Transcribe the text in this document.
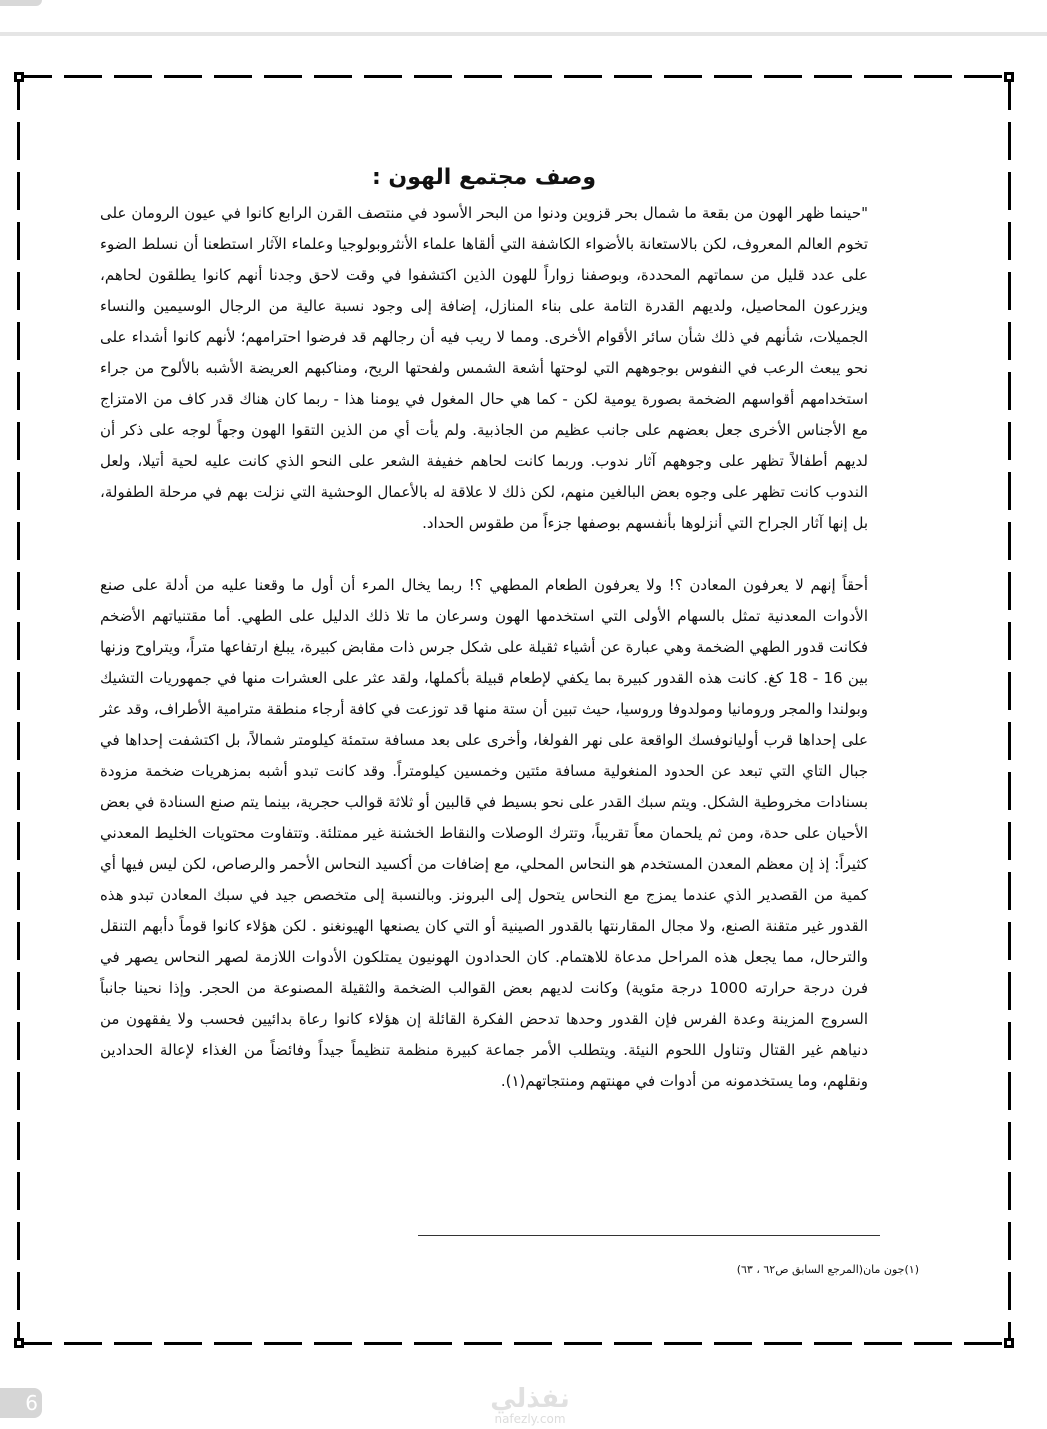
وصف مجتمع الهون :

"حينما ظهر الهون من بقعة ما شمال بحر قزوين ودنوا من البحر الأسود في منتصف القرن الرابع كانوا في عيون الرومان على تخوم العالم المعروف، لكن بالاستعانة بالأضواء الكاشفة التي ألقاها علماء الأنثروبولوجيا وعلماء الآثار استطعنا أن نسلط الضوء على عدد قليل من سماتهم المحددة، وبوصفنا زواراً للهون الذين اكتشفوا في وقت لاحق وجدنا أنهم كانوا يطلقون لحاهم، ويزرعون المحاصيل، ولديهم القدرة التامة على بناء المنازل، إضافة إلى وجود نسبة عالية من الرجال الوسيمين والنساء الجميلات، شأنهم في ذلك شأن سائر الأقوام الأخرى. ومما لا ريب فيه أن رجالهم قد فرضوا احترامهم؛ لأنهم كانوا أشداء على نحو يبعث الرعب في النفوس بوجوههم التي لوحتها أشعة الشمس ولفحتها الريح، ومناكبهم العريضة الأشبه بالألوح من جراء استخدامهم أقواسهم الضخمة بصورة يومية لكن - كما هي حال المغول في يومنا هذا - ربما كان هناك قدر كاف من الامتزاج مع الأجناس الأخرى جعل بعضهم على جانب عظيم من الجاذبية. ولم يأت أي من الذين التقوا الهون وجهاً لوجه على ذكر أن لديهم أطفالاً تظهر على وجوههم آثار ندوب. وربما كانت لحاهم خفيفة الشعر على النحو الذي كانت عليه لحية أتيلا، ولعل الندوب كانت تظهر على وجوه بعض البالغين منهم، لكن ذلك لا علاقة له بالأعمال الوحشية التي نزلت بهم في مرحلة الطفولة، بل إنها آثار الجراح التي أنزلوها بأنفسهم بوصفها جزءاً من طقوس الحداد.

أحقاً إنهم لا يعرفون المعادن ؟! ولا يعرفون الطعام المطهي ؟! ربما يخال المرء أن أول ما وقعنا عليه من أدلة على صنع الأدوات المعدنية تمثل بالسهام الأولى التي استخدمها الهون وسرعان ما تلا ذلك الدليل على الطهي. أما مقتنياتهم الأضخم فكانت قدور الطهي الضخمة وهي عبارة عن أشياء ثقيلة على شكل جرس ذات مقابض كبيرة، يبلغ ارتفاعها متراً، ويتراوح وزنها بين 16 - 18 كغ. كانت هذه القدور كبيرة بما يكفي لإطعام قبيلة بأكملها، ولقد عثر على العشرات منها في جمهوريات التشيك وبولندا والمجر ورومانيا ومولدوفا وروسيا، حيث تبين أن ستة منها قد توزعت في كافة أرجاء منطقة مترامية الأطراف، وقد عثر على إحداها قرب أوليانوفسك الواقعة على نهر الفولغا، وأخرى على بعد مسافة ستمئة كيلومتر شمالاً، بل اكتشفت إحداها في جبال التاي التي تبعد عن الحدود المنغولية مسافة مئتين وخمسين كيلومتراً. وقد كانت تبدو أشبه بمزهريات ضخمة مزودة بسنادات مخروطية الشكل. ويتم سبك القدر على نحو بسيط في قالبين أو ثلاثة قوالب حجرية، بينما يتم صنع السنادة في بعض الأحيان على حدة، ومن ثم يلحمان معاً تقريباً، وتترك الوصلات والنقاط الخشنة غير ممتلئة. وتتفاوت محتويات الخليط المعدني كثيراً: إذ إن معظم المعدن المستخدم هو النحاس المحلي، مع إضافات من أكسيد النحاس الأحمر والرصاص، لكن ليس فيها أي كمية من القصدير الذي عندما يمزج مع النحاس يتحول إلى البرونز. وبالنسبة إلى متخصص جيد في سبك المعادن تبدو هذه القدور غير متقنة الصنع، ولا مجال المقارنتها بالقدور الصينية أو التي كان يصنعها الهيونغنو . لكن هؤلاء كانوا قوماً دأبهم التنقل والترحال، مما يجعل هذه المراحل مدعاة للاهتمام. كان الحدادون الهونيون يمتلكون الأدوات اللازمة لصهر النحاس يصهر في فرن درجة حرارته 1000 درجة مئوية) وكانت لديهم بعض القوالب الضخمة والثقيلة المصنوعة من الحجر. وإذا نحينا جانباً السروج المزينة وعدة الفرس فإن القدور وحدها تدحض الفكرة القائلة إن هؤلاء كانوا رعاة بدائيين فحسب ولا يفقهون من دنياهم غير القتال وتناول اللحوم النيئة. ويتطلب الأمر جماعة كبيرة منظمة تنظيماً جيداً وفائضاً من الغذاء لإعالة الحدادين ونقلهم، وما يستخدمونه من أدوات في مهنتهم ومنتجاتهم(١).

(١)جون مان(المرجع السابق ص٦٢ ، ٦٣)
6	نفذلي
nafezly.com
